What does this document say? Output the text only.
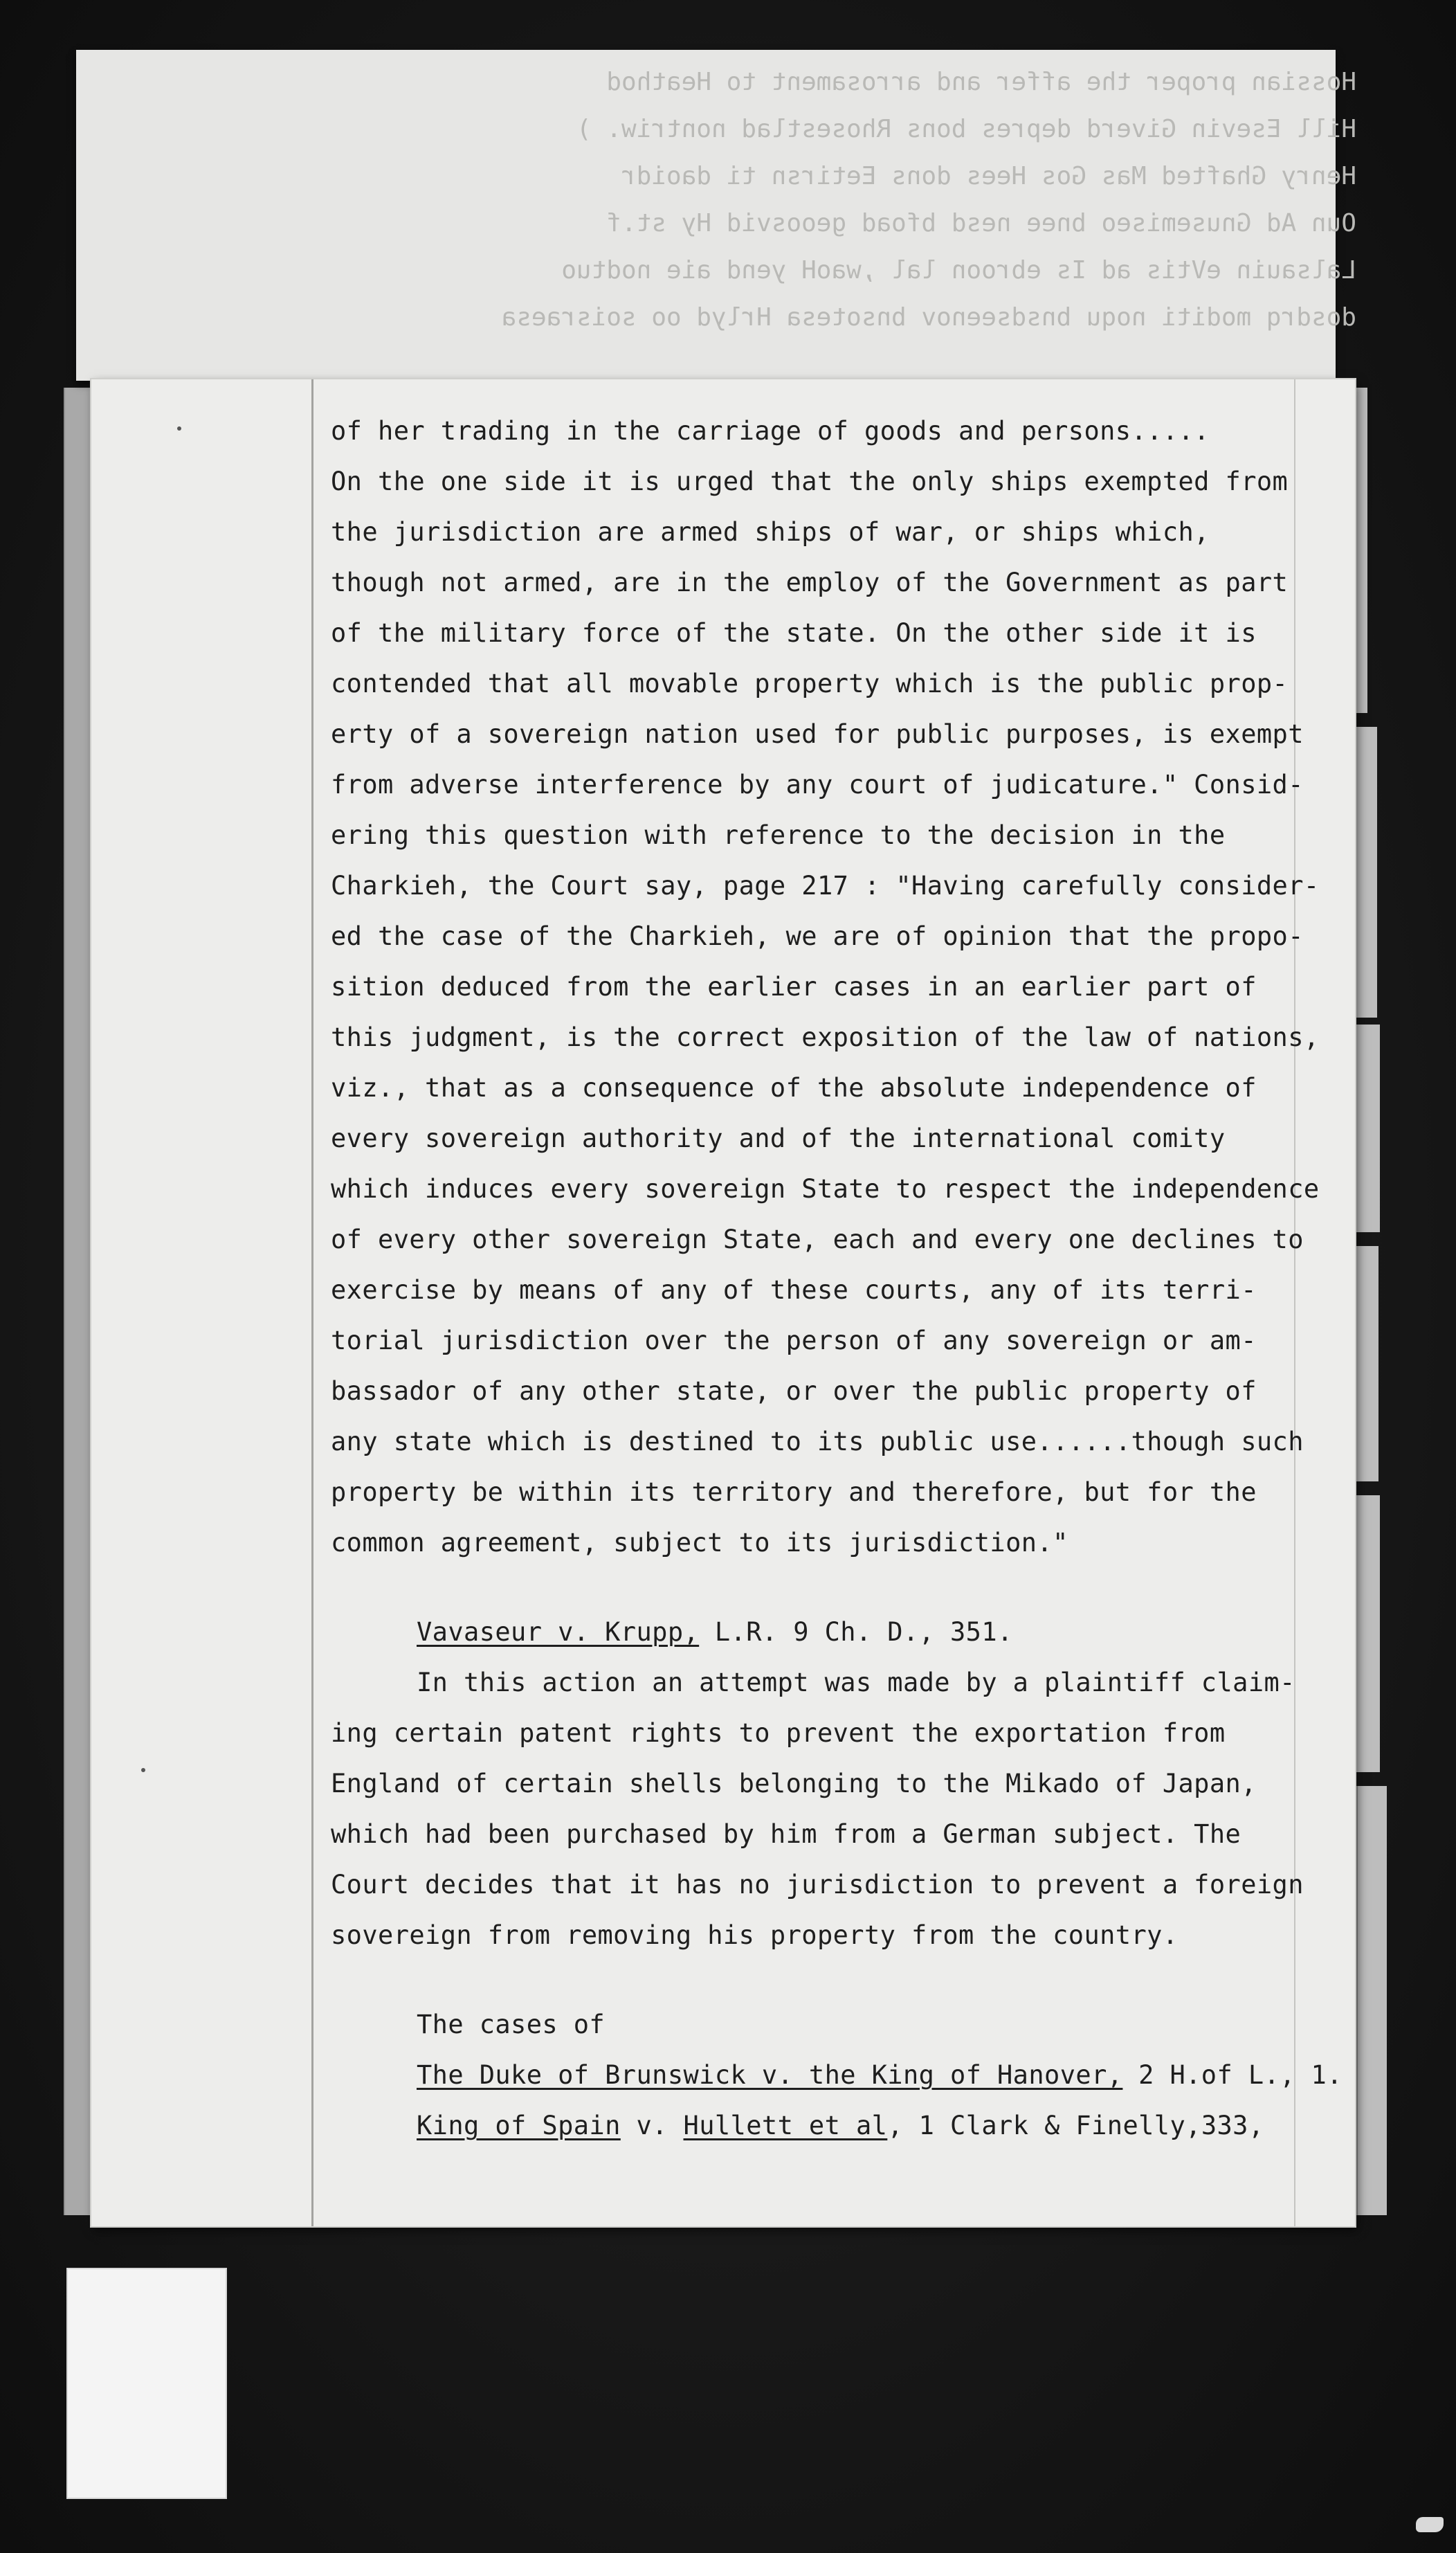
Hossian proper the affer and arrosament to Heathod
Hill Esevin Giverd depres bons Rhosestlad nontriw. )
Henry Ghafted Mas Gos Hees dons Eetirsn ti daoidr
Oun Ad Gnusemiseo bnee nesd bfoad geoosvid Hy st.f
Lalsauin eVtis ad Is ebroon lal ,waoH yend aie nodtuo
dosdrq moditi noqu bnsdseenov bnsotesa Hrlyd oo soisraesa
of her trading in the carriage of goods and persons.....
On the one side it is urged that the only ships exempted from
the jurisdiction are armed ships of war, or ships which,
though not armed, are in the employ of the Government as part
of the military force of the state. On the other side it is
contended that all movable property which is the public prop-
erty of a sovereign nation used for public purposes, is exempt
from adverse interference by any court of judicature." Consid-
ering this question with reference to the decision in the
Charkieh, the Court say, page 217 : "Having carefully consider-
ed the case of the Charkieh, we are of opinion that the propo-
sition deduced from the earlier cases in an earlier part of
this judgment, is the correct exposition of the law of nations,
viz., that as a consequence of the absolute independence of
every sovereign authority and of the international comity
which induces every sovereign State to respect the independence
of every other sovereign State, each and every one declines to
exercise by means of any of these courts, any of its terri-
torial jurisdiction over the person of any sovereign or am-
bassador of any other state, or over the public property of
any state which is destined to its public use......though such
property be within its territory and therefore, but for the
common agreement, subject to its jurisdiction."
Vavaseur v. Krupp, L.R. 9 Ch. D., 351.
In this action an attempt was made by a plaintiff claim-
ing certain patent rights to prevent the exportation from
England of certain shells belonging to the Mikado of Japan,
which had been purchased by him from a German subject. The
Court decides that it has no jurisdiction to prevent a foreign
sovereign from removing his property from the country.
The cases of
The Duke of Brunswick v. the King of Hanover, 2 H.of L., 1.
King of Spain v. Hullett et al, 1 Clark & Finelly,333,
